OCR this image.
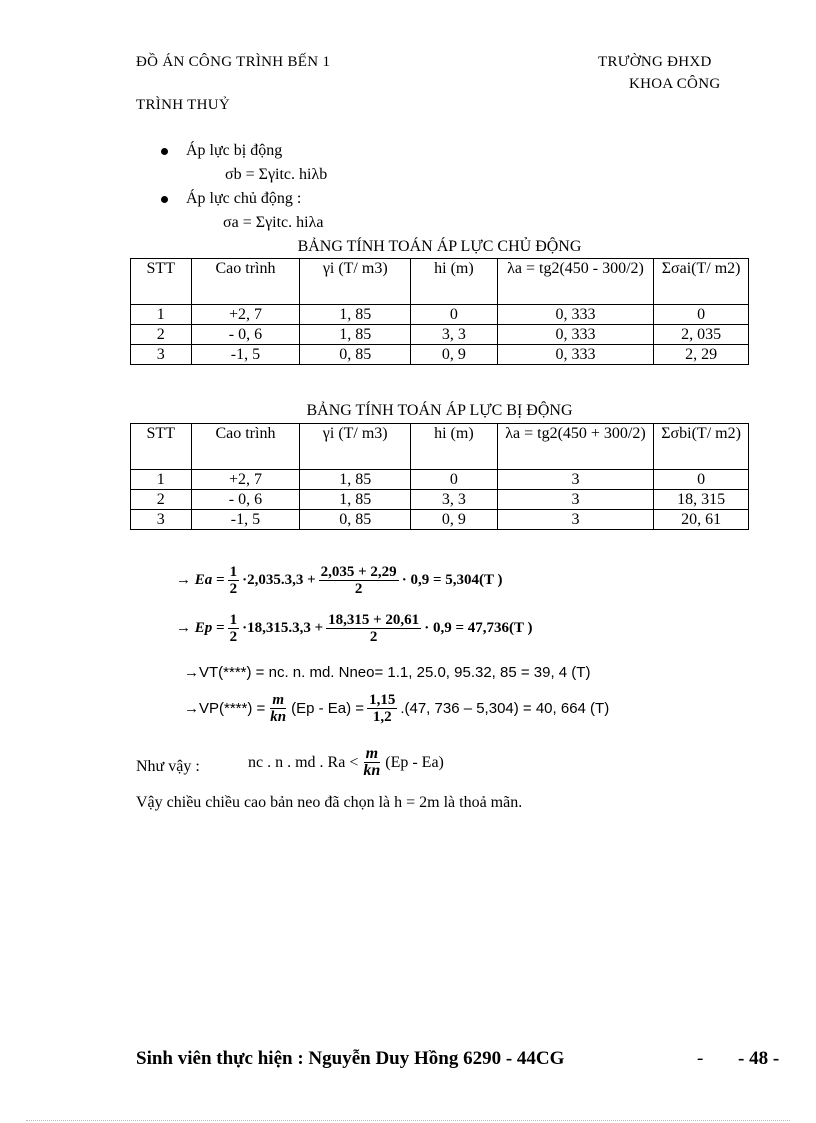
ĐỒ ÁN CÔNG TRÌNH BẾN 1
TRÌNH THUỶ
TRƯỜNG ĐHXD
KHOA CÔNG
Áp lực bị động
σb = Σγitc. hiλb
Áp lực chủ động :
σa = Σγitc. hiλa
BẢNG TÍNH TOÁN ÁP LỰC CHỦ ĐỘNG
STT	Cao trình	γi (T/ m3)	hi (m)	λa = tg2(450 - 300/2)	Σσai(T/ m2)
1	+2, 7	1, 85	0	0, 333	0
2	- 0, 6	1, 85	3, 3	0, 333	2, 035
3	-1, 5	0, 85	0, 9	0, 333	2, 29
BẢNG TÍNH TOÁN ÁP LỰC BỊ ĐỘNG
STT	Cao trình	γi (T/ m3)	hi (m)	λa = tg2(450 + 300/2)	Σσbi(T/ m2)
1	+2, 7	1, 85	0	3	0
2	- 0, 6	1, 85	3, 3	3	18, 315
3	-1, 5	0, 85	0, 9	3	20, 61
→ $Ea = \frac{1}{2} \cdot 2,035.3,3 + \frac{2,035 + 2,29}{2} \cdot 0,9 = 5,304(T$ )
→ $Ep = \frac{1}{2} \cdot 18,315.3,3 + \frac{18,315 + 20,61}{2} \cdot 0,9 = 47,736(T$ )
→VT(****) = nc. n. md. Nneo= 1.1, 25.0, 95.32, 85 = 39, 4 (T)
$\to VP(****) = \frac{m}{kn} (Ep - Ea) = \frac{1,15}{1,2} .(47$, 736 – 5,304) = 40, 664 (T)
Như vậy :	nc . n . md . $Ra < \frac{m}{kn} (Ep - Ea)$
Vậy chiều chiều cao bản neo đã chọn là h = 2m là thoả mãn.
Sinh viên thực hiện : Nguyễn Duy Hồng 6290 - 44CG	- - 48 -
